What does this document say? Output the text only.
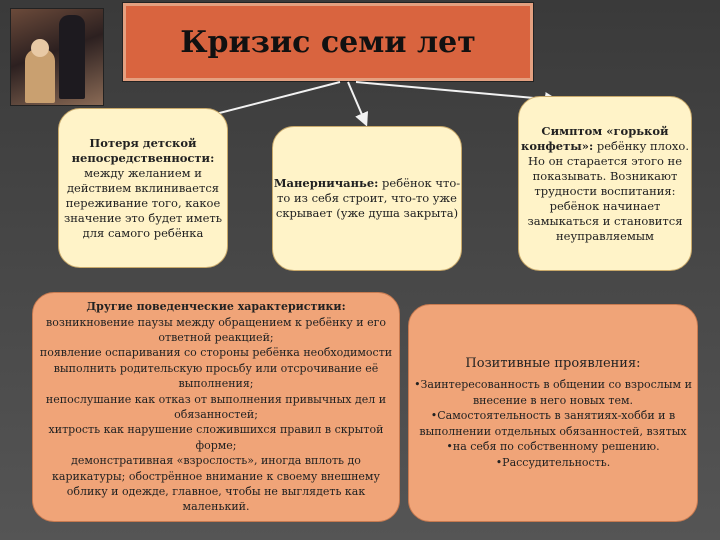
Кризис семи лет
Потеря детской непосредственности: между желанием и действием вклинивается переживание того, какое значение это будет иметь для самого ребёнка
Манерничанье: ребёнок что-то из себя строит, что-то уже скрывает (уже душа закрыта)
Симптом «горькой конфеты»: ребёнку плохо. Но он старается этого не показывать. Возникают трудности воспитания: ребёнок начинает замыкаться и становится неуправляемым
Другие поведенческие характеристики:
возникновение паузы между обращением к ребёнку и его ответной реакцией;
появление оспаривания со стороны ребёнка необходимости выполнить родительскую просьбу или отсрочивание её выполнения;
непослушание как отказ от выполнения привычных дел и обязанностей;
хитрость как нарушение сложившихся правил в скрытой форме;
демонстративная «взрослость», иногда вплоть до карикатуры; обострённое внимание к своему внешнему облику и одежде, главное, чтобы не выглядеть как маленький.
Позитивные проявления:
•Заинтересованность в общении со взрослым и внесение в него новых тем.
•Самостоятельность в занятиях-хобби и в выполнении отдельных обязанностей, взятых
•на себя по собственному решению.
•Рассудительность.
